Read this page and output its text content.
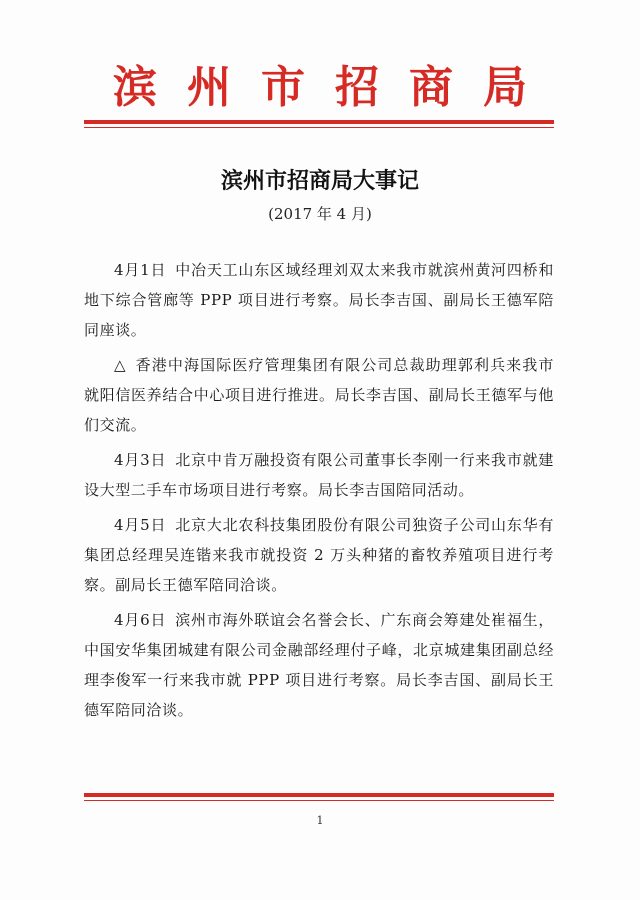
滨州市招商局
滨州市招商局大事记
(2017 年 4 月)

4月1日 中冶天工山东区域经理刘双太来我市就滨州黄河四桥和地下综合管廊等 PPP 项目进行考察。局长李吉国、副局长王德军陪同座谈。

△ 香港中海国际医疗管理集团有限公司总裁助理郭利兵来我市就阳信医养结合中心项目进行推进。局长李吉国、副局长王德军与他们交流。

4月3日 北京中肯万融投资有限公司董事长李刚一行来我市就建设大型二手车市场项目进行考察。局长李吉国陪同活动。

4月5日 北京大北农科技集团股份有限公司独资子公司山东华有集团总经理吴连锴来我市就投资 2 万头种猪的畜牧养殖项目进行考察。副局长王德军陪同洽谈。

4月6日 滨州市海外联谊会名誉会长、广东商会筹建处崔福生，中国安华集团城建有限公司金融部经理付子峰，北京城建集团副总经理李俊军一行来我市就 PPP 项目进行考察。局长李吉国、副局长王德军陪同洽谈。

1
